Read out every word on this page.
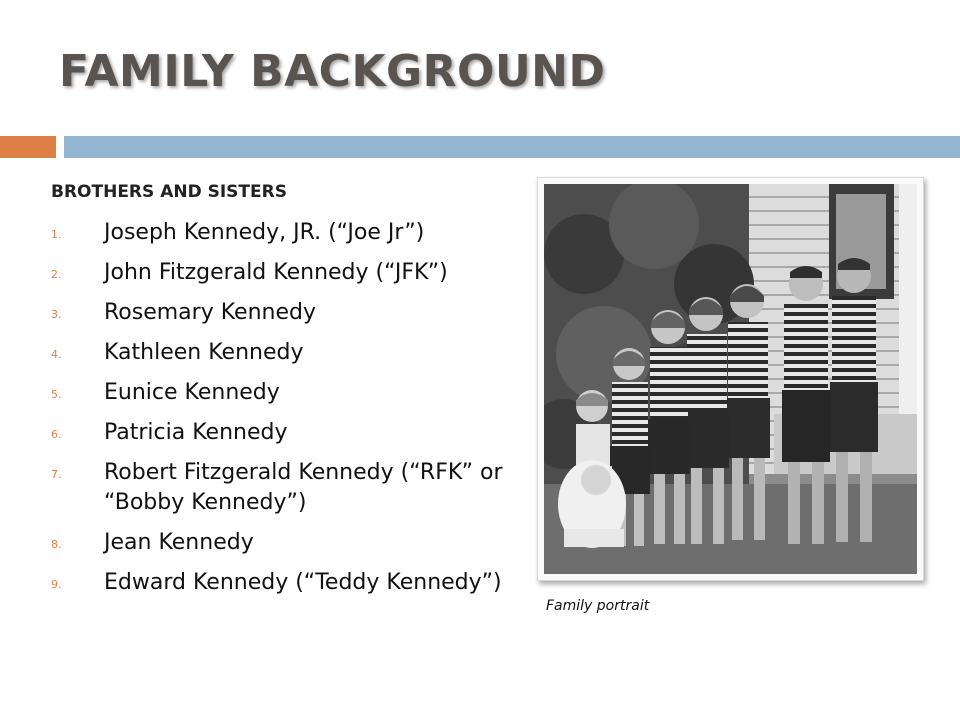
FAMILY BACKGROUND
BROTHERS AND SISTERS
1.	Joseph Kennedy, JR. (“Joe Jr”)
2.	John Fitzgerald Kennedy (“JFK”)
3.	Rosemary Kennedy
4.	Kathleen Kennedy
5.	Eunice Kennedy
6.	Patricia Kennedy
7.	Robert Fitzgerald Kennedy (“RFK” or “Bobby Kennedy”)
8.	Jean Kennedy
9.	Edward Kennedy (“Teddy Kennedy”)
Family portrait
